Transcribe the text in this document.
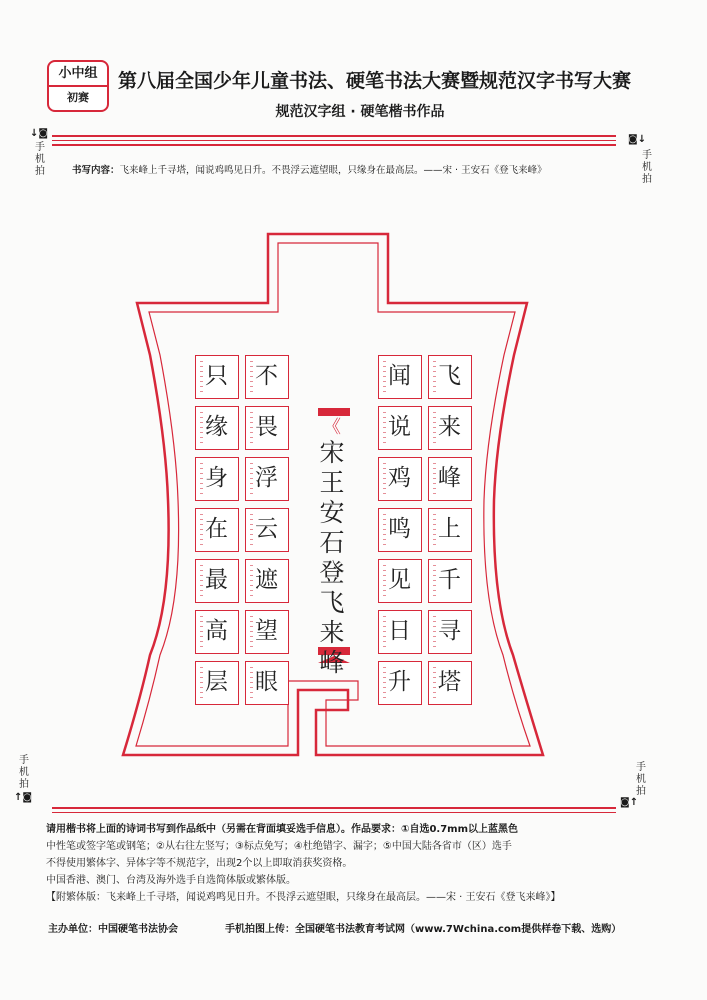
小中组
初赛
第八届全国少年儿童书法、硬笔书法大赛暨规范汉字书写大赛
规范汉字组 · 硬笔楷书作品
↓◙
手机拍
◙↓
手机拍
手机拍
↑◙
手机拍
◙↑
书写内容：飞来峰上千寻塔，闻说鸡鸣见日升。不畏浮云遮望眼，只缘身在最高层。——宋 · 王安石《登飞来峰》
飞
来
峰
上
千
寻
塔
闻
说
鸡
鸣
见
日
升
不
畏
浮
云
遮
望
眼
只
缘
身
在
最
高
层
《
宋
王
安
石
登
飞
来
峰
请用楷书将上面的诗词书写到作品纸中（另需在背面填妥选手信息）。作品要求：①自选0.7mm以上蓝黑色
中性笔或签字笔或钢笔；②从右往左竖写；③标点免写；④杜绝错字、漏字；⑤中国大陆各省市（区）选手
不得使用繁体字、异体字等不规范字，出现2个以上即取消获奖资格。
中国香港、澳门、台湾及海外选手自选简体版或繁体版。
【附繁体版：飞来峰上千寻塔，闻说鸡鸣见日升。不畏浮云遮望眼，只缘身在最高层。——宋 · 王安石《登飞来峰》】
主办单位：中国硬笔书法协会	手机拍图上传：全国硬笔书法教育考试网（www.7Wchina.com提供样卷下载、选购）
